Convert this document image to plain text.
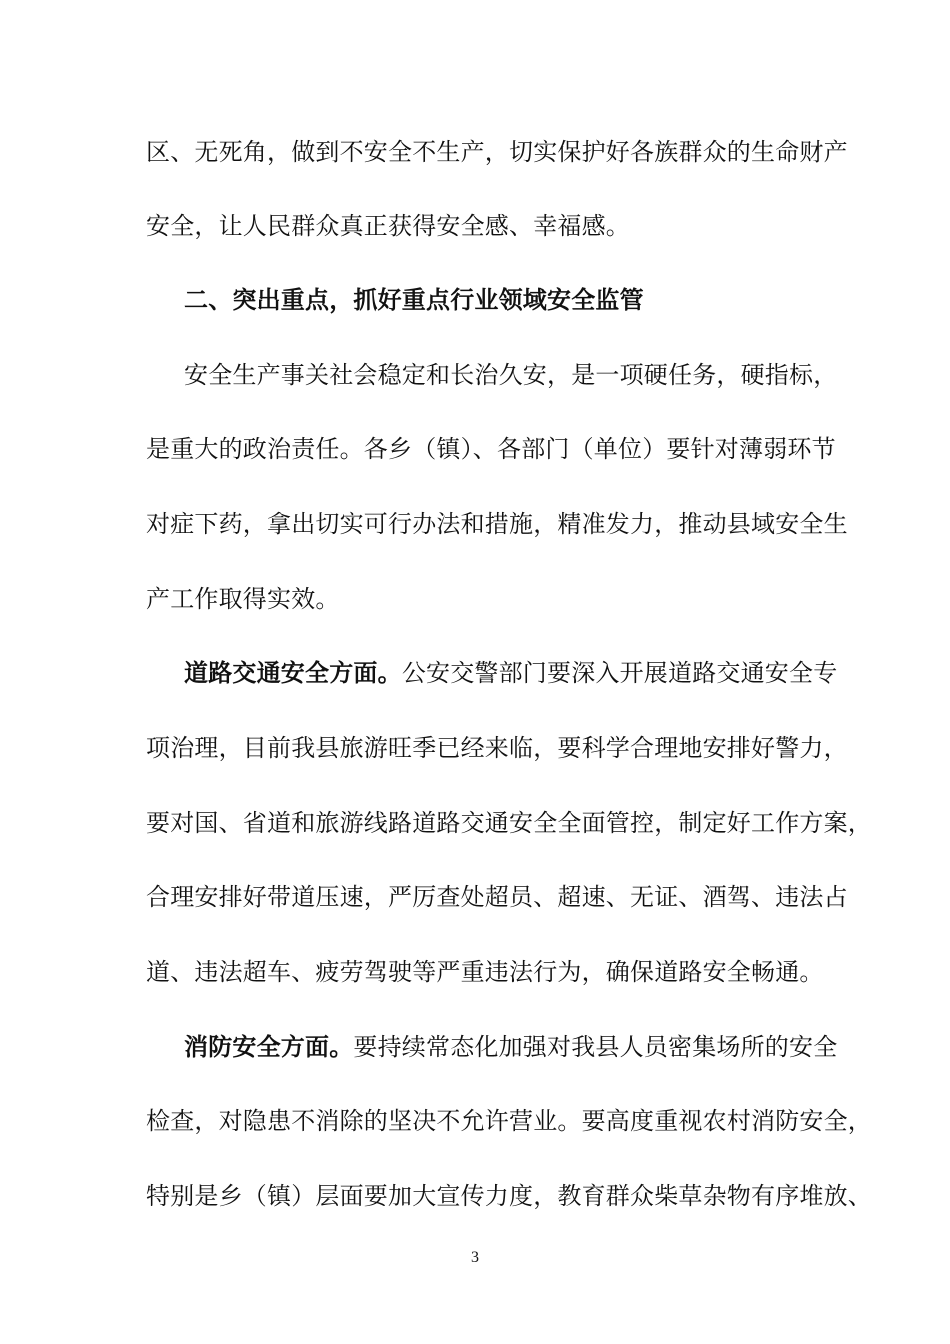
区、无死角，做到不安全不生产，切实保护好各族群众的生命财产
安全，让人民群众真正获得安全感、幸福感。
二、突出重点，抓好重点行业领域安全监管
安全生产事关社会稳定和长治久安，是一项硬任务，硬指标，
是重大的政治责任。各乡（镇）、各部门（单位）要针对薄弱环节
对症下药，拿出切实可行办法和措施，精准发力，推动县域安全生
产工作取得实效。
道路交通安全方面。公安交警部门要深入开展道路交通安全专
项治理，目前我县旅游旺季已经来临，要科学合理地安排好警力，
要对国、省道和旅游线路道路交通安全全面管控，制定好工作方案，
合理安排好带道压速，严厉查处超员、超速、无证、酒驾、违法占
道、违法超车、疲劳驾驶等严重违法行为，确保道路安全畅通。
消防安全方面。要持续常态化加强对我县人员密集场所的安全
检查，对隐患不消除的坚决不允许营业。要高度重视农村消防安全，
特别是乡（镇）层面要加大宣传力度，教育群众柴草杂物有序堆放、
3
